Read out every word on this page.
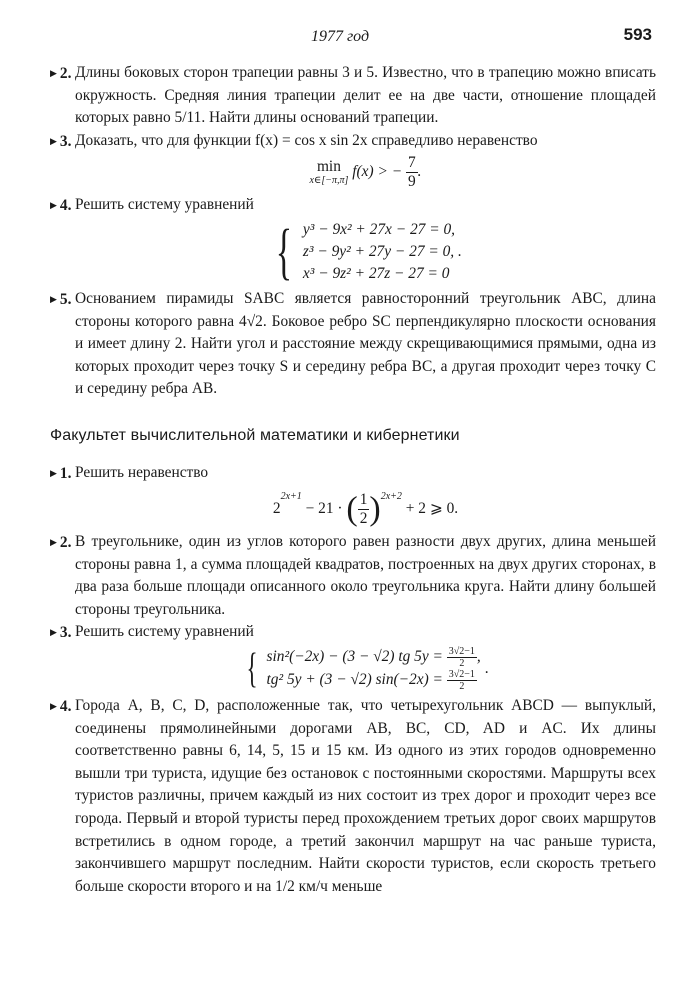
1977 год	593
▶ 2. Длины боковых сторон трапеции равны 3 и 5. Известно, что в трапецию можно вписать окружность. Средняя линия трапеции делит ее на две части, отношение площадей которых равно 5/11. Найти длины оснований трапеции.

▶ 3. Доказать, что для функции f(x) = cos x sin 2x справедливо неравенство

min
x∈[−π,π]
f(x) > − $\frac{7}{9}$ .
▶ 4. Решить систему уравнений

{ y³ − 9x² + 27x − 27 = 0,
z³ − 9y² + 27y − 27 = 0, .
x³ − 9z² + 27z − 27 = 0
▶ 5. Основанием пирамиды SABC является равносторонний треугольник ABC, длина стороны которого равна 4√2. Боковое ребро SC перпендикулярно плоскости основания и имеет длину 2. Найти угол и расстояние между скрещивающимися прямыми, одна из которых проходит через точку S и середину ребра BC, а другая проходит через точку C и середину ребра AB.

Факультет вычислительной математики и кибернетики
▶ 1. Решить неравенство

$2^{2x+1} - 21$ · ( $\frac{1}{2} )^{2x+2} + 2$ ⩾ 0.
▶ 2. В треугольнике, один из углов которого равен разности двух других, длина меньшей стороны равна 1, а сумма площадей квадратов, построенных на двух других сторонах, в два раза больше площади описанного около треугольника круга. Найти длину большей стороны треугольника.

▶ 3. Решить систему уравнений

{ sin²(−2x) − (3 − √2) tg $5y = \frac{3√2-1}{2}$ ,
tg² 5y + (3 − √2) $\sin(-2x) = \frac{3√2-1}{2}$
.
▶ 4. Города A, B, C, D, расположенные так, что четырехугольник ABCD — выпуклый, соединены прямолинейными дорогами AB, BC, CD, AD и AC. Их длины соответственно равны 6, 14, 5, 15 и 15 км. Из одного из этих городов одновременно вышли три туриста, идущие без остановок с постоянными скоростями. Маршруты всех туристов различны, причем каждый из них состоит из трех дорог и проходит через все города. Первый и второй туристы перед прохождением третьих дорог своих маршрутов встретились в одном городе, а третий закончил маршрут на час раньше туриста, закончившего маршрут последним. Найти скорости туристов, если скорость третьего больше скорости второго и на 1/2 км/ч меньше
